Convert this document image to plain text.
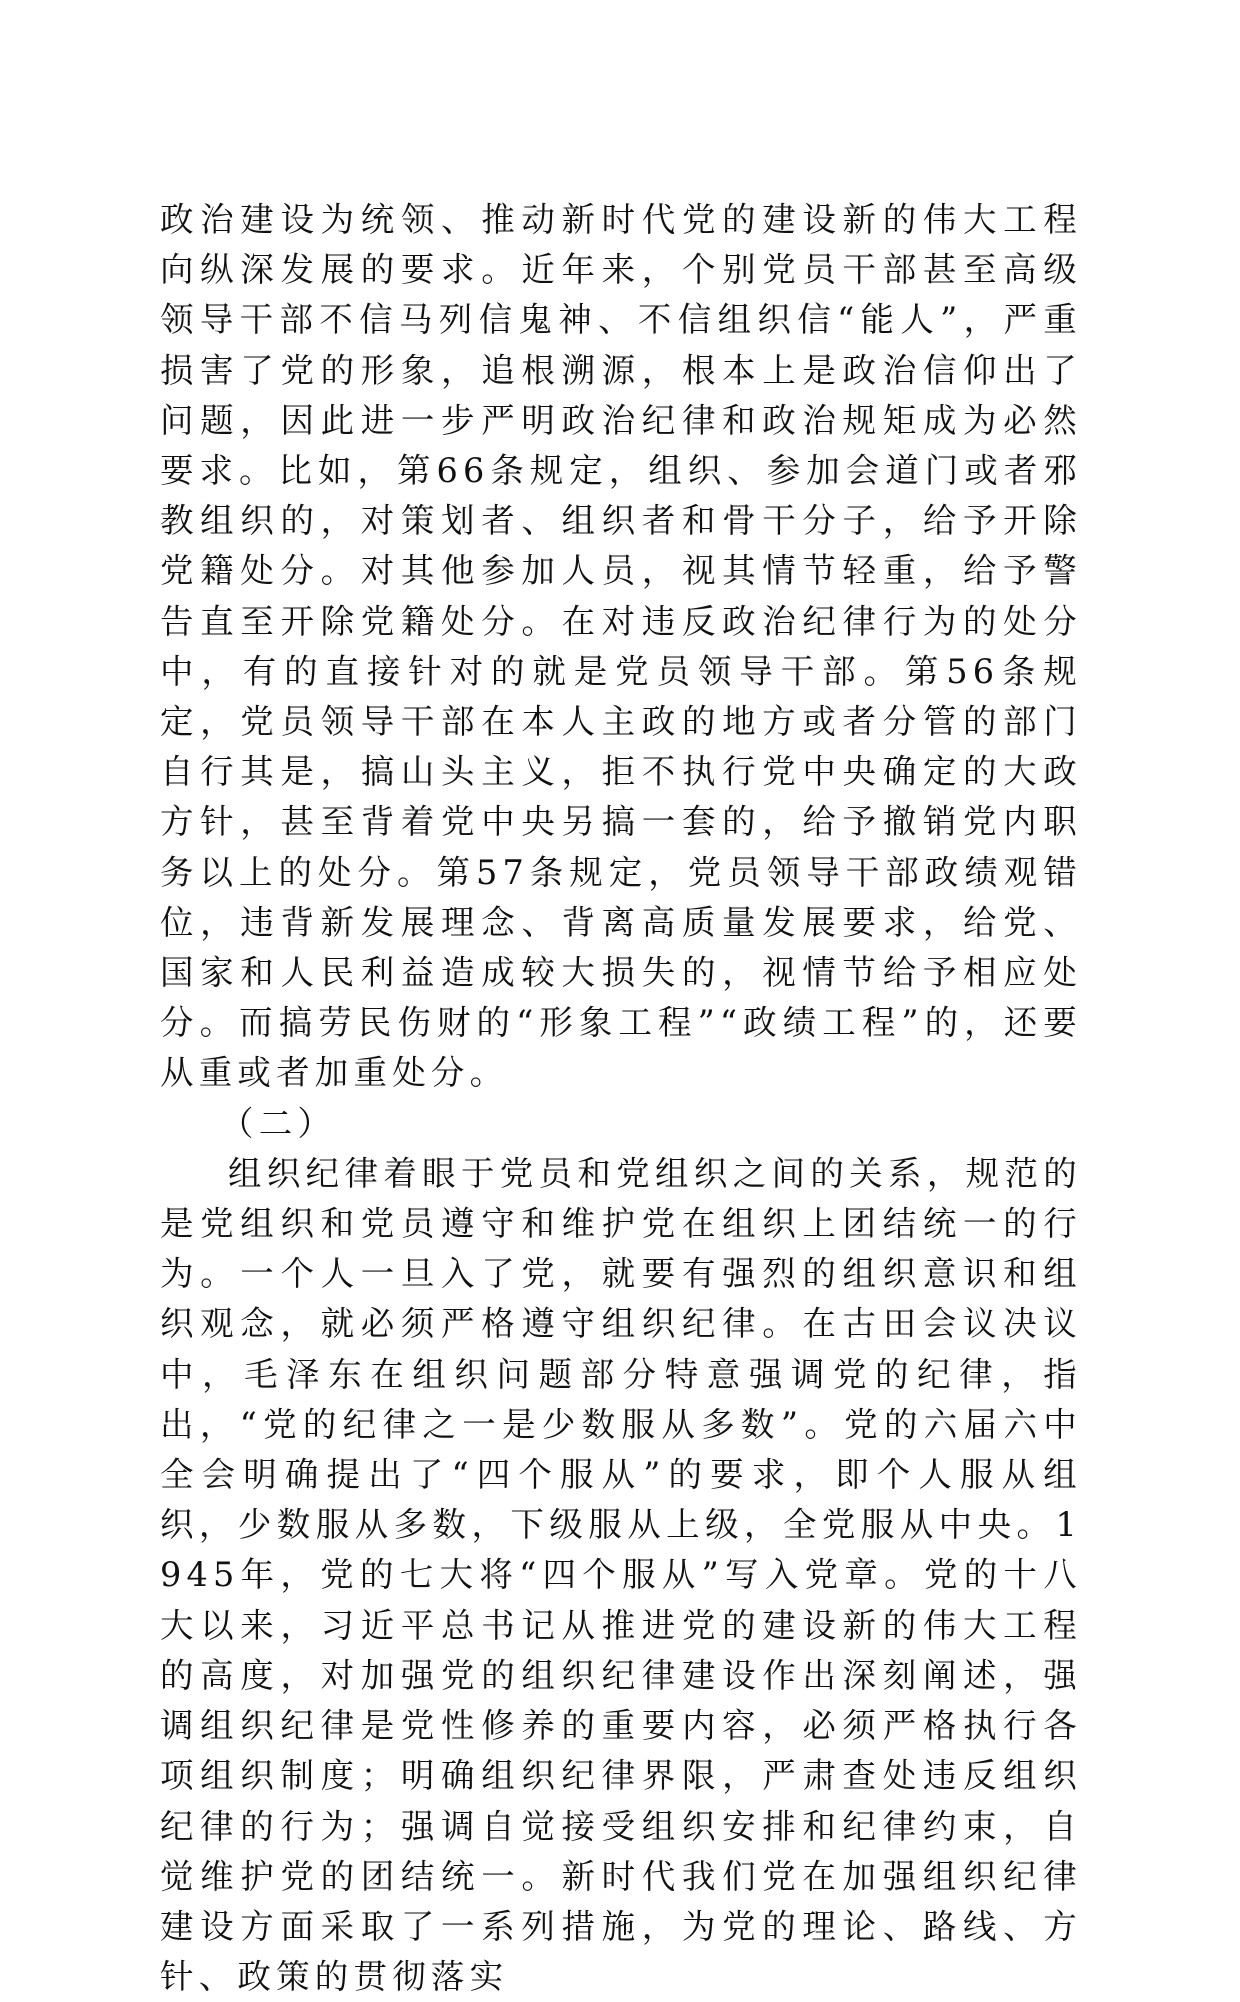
政治建设为统领、推动新时代党的建设新的伟大工程向纵深发展的要求。近年来，个别党员干部甚至高级领导干部不信马列信鬼神、不信组织信“能人”，严重损害了党的形象，追根溯源，根本上是政治信仰出了问题，因此进一步严明政治纪律和政治规矩成为必然要求。比如，第66条规定，组织、参加会道门或者邪教组织的，对策划者、组织者和骨干分子，给予开除党籍处分。对其他参加人员，视其情节轻重，给予警告直至开除党籍处分。在对违反政治纪律行为的处分中，有的直接针对的就是党员领导干部。第56条规定，党员领导干部在本人主政的地方或者分管的部门自行其是，搞山头主义，拒不执行党中央确定的大政方针，甚至背着党中央另搞一套的，给予撤销党内职务以上的处分。第57条规定，党员领导干部政绩观错位，违背新发展理念、背离高质量发展要求，给党、国家和人民利益造成较大损失的，视情节给予相应处分。而搞劳民伤财的“形象工程”“政绩工程”的，还要从重或者加重处分。

（二）

组织纪律着眼于党员和党组织之间的关系，规范的是党组织和党员遵守和维护党在组织上团结统一的行为。一个人一旦入了党，就要有强烈的组织意识和组织观念，就必须严格遵守组织纪律。在古田会议决议中，毛泽东在组织问题部分特意强调党的纪律，指出，“党的纪律之一是少数服从多数”。党的六届六中全会明确提出了“四个服从”的要求，即个人服从组织，少数服从多数，下级服从上级，全党服从中央。1945年，党的七大将“四个服从”写入党章。党的十八大以来，习近平总书记从推进党的建设新的伟大工程的高度，对加强党的组织纪律建设作出深刻阐述，强调组织纪律是党性修养的重要内容，必须严格执行各项组织制度；明确组织纪律界限，严肃查处违反组织纪律的行为；强调自觉接受组织安排和纪律约束，自觉维护党的团结统一。新时代我们党在加强组织纪律建设方面采取了一系列措施，为党的理论、路线、方针、政策的贯彻落实
